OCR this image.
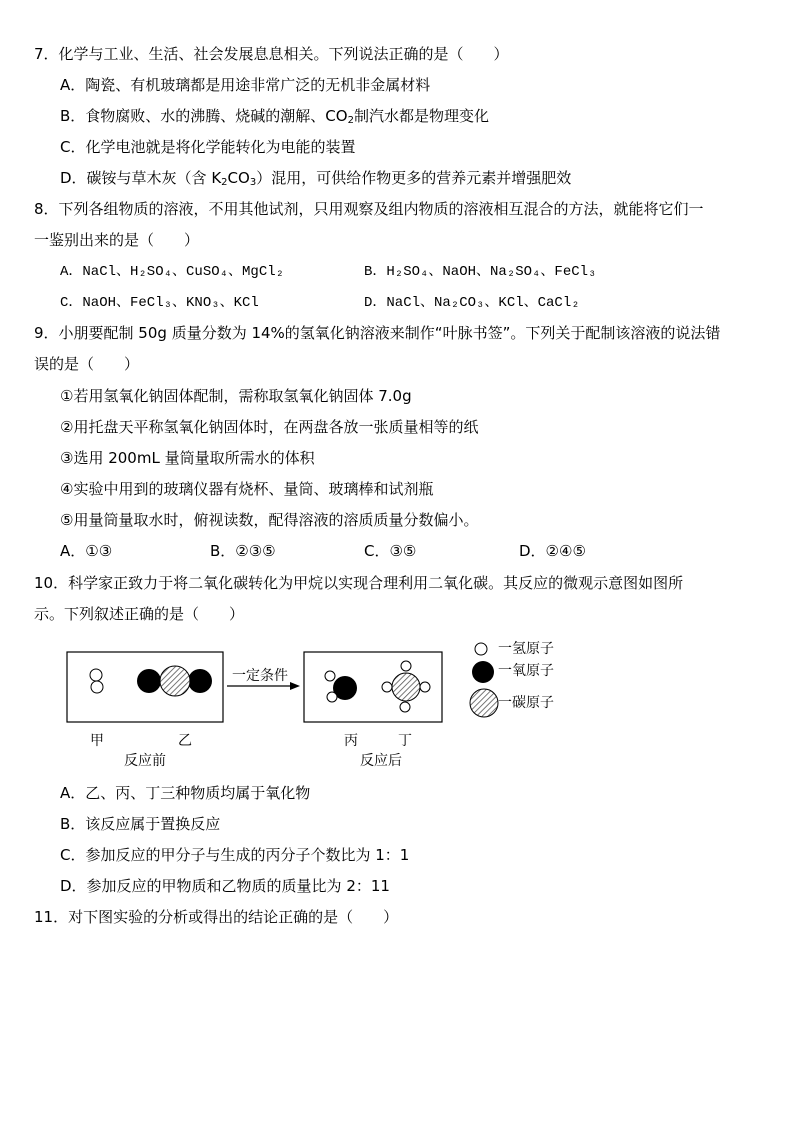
7．化学与工业、生活、社会发展息息相关。下列说法正确的是（　　）
A．陶瓷、有机玻璃都是用途非常广泛的无机非金属材料
B．食物腐败、水的沸腾、烧碱的潮解、$CO_2$制汽水都是物理变化
C．化学电池就是将化学能转化为电能的装置
D．碳铵与草木灰（含 $K_2CO_3$）混用，可供给作物更多的营养元素并增强肥效
8．下列各组物质的溶液，不用其他试剂，只用观察及组内物质的溶液相互混合的方法，就能将它们一
一鉴别出来的是（　　）
A．NaCl、H₂SO₄、CuSO₄、MgCl₂	B．H₂SO₄、NaOH、Na₂SO₄、FeCl₃
C．NaOH、FeCl₃、KNO₃、KCl	D．NaCl、Na₂CO₃、KCl、CaCl₂
9．小朋要配制 50g 质量分数为 14%的氢氧化钠溶液来制作“叶脉书签”。下列关于配制该溶液的说法错
误的是（　　）
①若用氢氧化钠固体配制，需称取氢氧化钠固体 7.0g
②用托盘天平称氢氧化钠固体时，在两盘各放一张质量相等的纸
③选用 200mL 量筒量取所需水的体积
④实验中用到的玻璃仪器有烧杯、量筒、玻璃棒和试剂瓶
⑤用量筒量取水时，俯视读数，配得溶液的溶质质量分数偏小。
A．①③	B．②③⑤	C．③⑤	D．②④⑤
10．科学家正致力于将二氧化碳转化为甲烷以实现合理利用二氧化碳。其反应的微观示意图如图所
示。下列叙述正确的是（　　）
一定条件
一氢原子
一氧原子
一碳原子
甲	乙	丙	丁
反应前	反应后
A．乙、丙、丁三种物质均属于氧化物
B．该反应属于置换反应
C．参加反应的甲分子与生成的丙分子个数比为 1：1
D．参加反应的甲物质和乙物质的质量比为 2：11
11．对下图实验的分析或得出的结论正确的是（　　）
